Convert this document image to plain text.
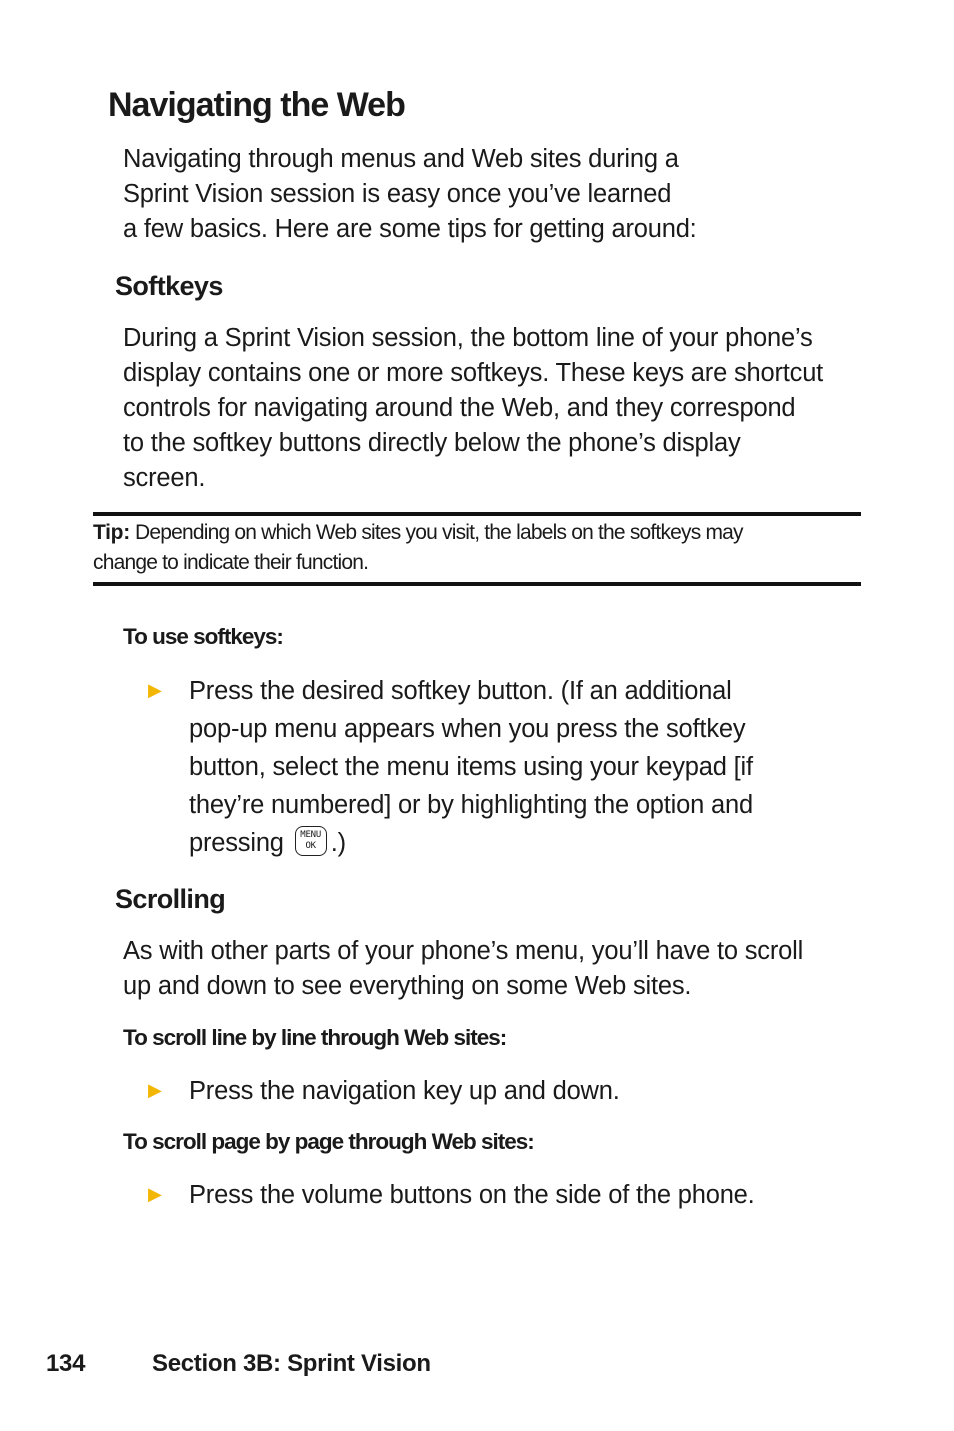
Navigating the Web

Navigating through menus and Web sites during a

Sprint Vision session is easy once you’ve learned

a few basics. Here are some tips for getting around:

Softkeys

During a Sprint Vision session, the bottom line of your phone’s

display contains one or more softkeys. These keys are shortcut

controls for navigating around the Web, and they correspond

to the softkey buttons directly below the phone’s display

screen.

Tip: Depending on which Web sites you visit, the labels on the softkeys may
change to indicate their function.

To use softkeys:

▶ Press the desired softkey button. (If an additional

pop-up menu appears when you press the softkey

button, select the menu items using your keypad [if

they’re numbered] or by highlighting the option and

pressing	MENU
OK .)

Scrolling

As with other parts of your phone’s menu, you’ll have to scroll

up and down to see everything on some Web sites.

To scroll line by line through Web sites:

▶ Press the navigation key up and down.

To scroll page by page through Web sites:

▶ Press the volume buttons on the side of the phone.

134	Section 3B: Sprint Vision
